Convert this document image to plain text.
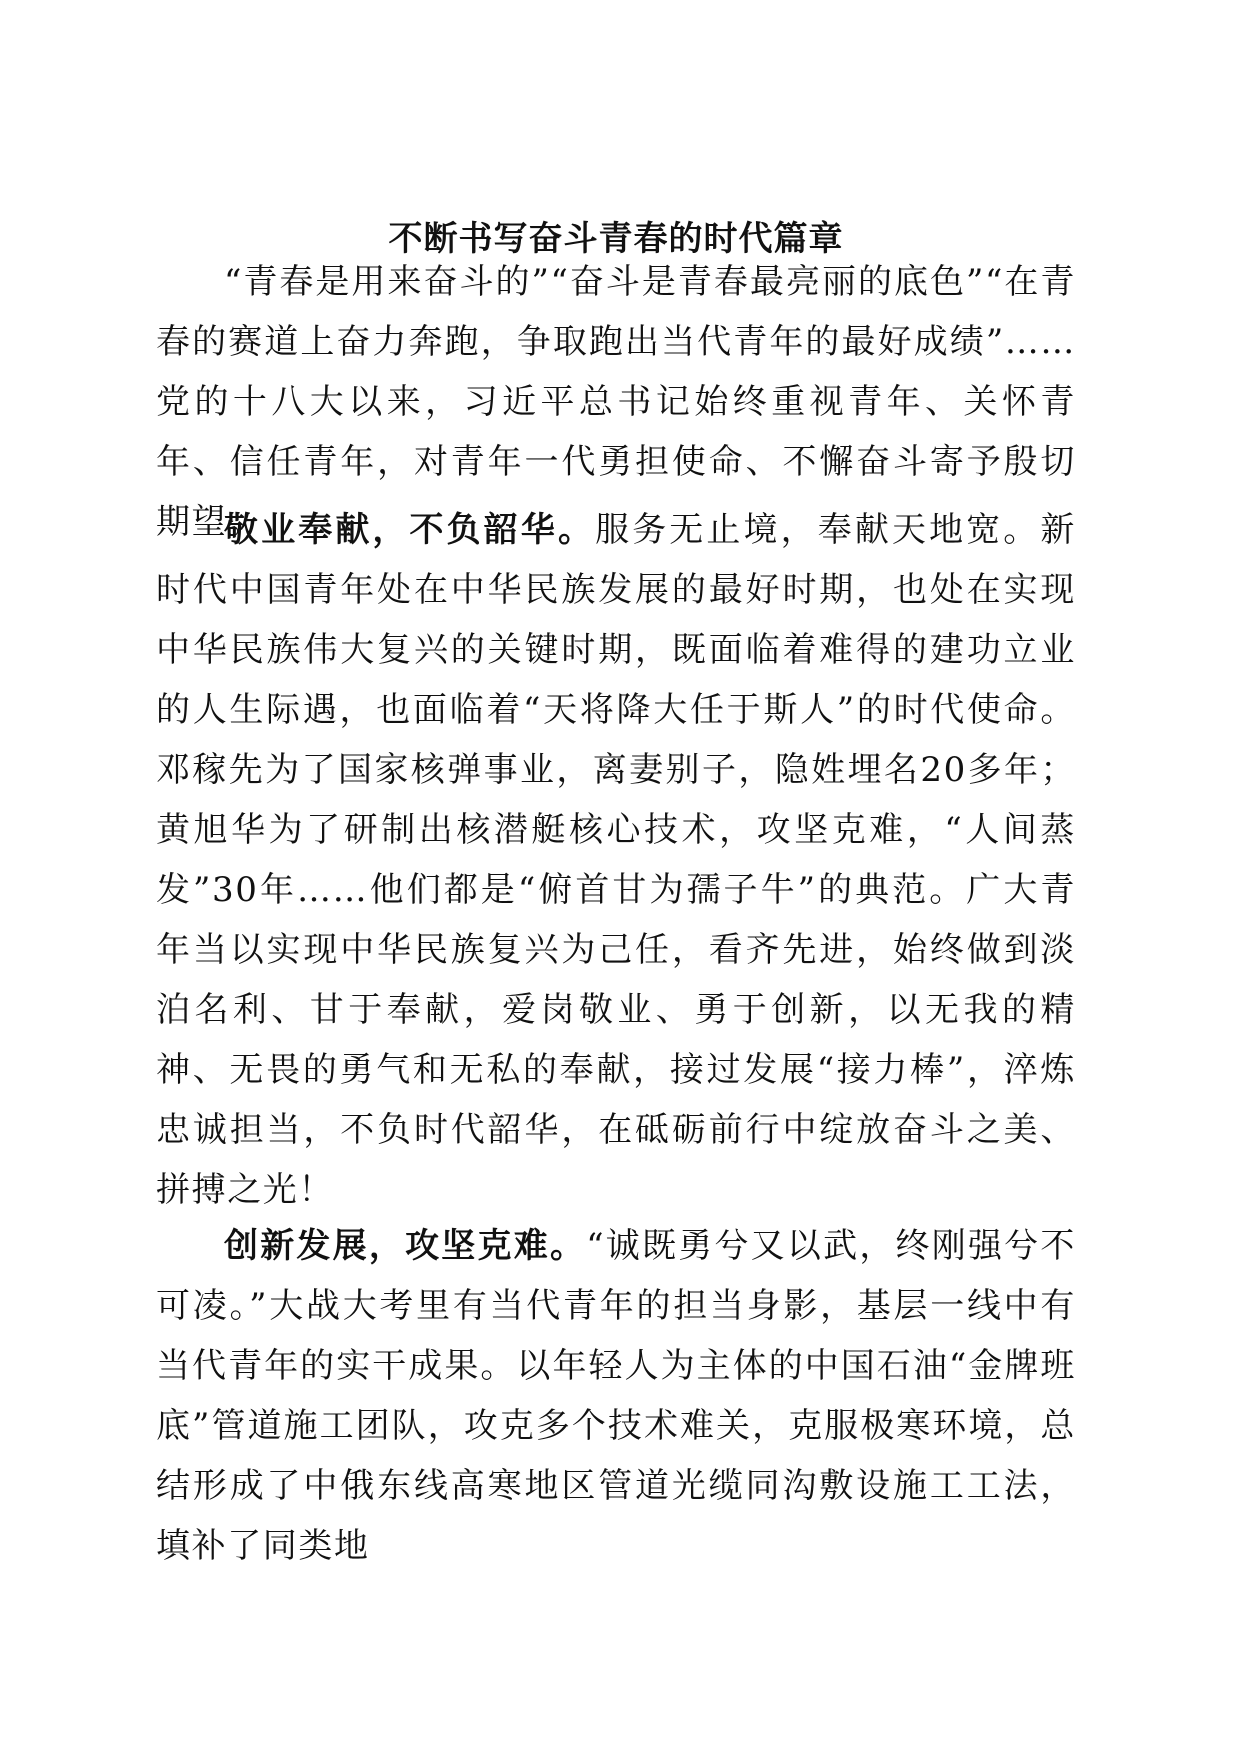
不断书写奋斗青春的时代篇章

“青春是用来奋斗的”“奋斗是青春最亮丽的底色”“在青春的赛道上奋力奔跑，争取跑出当代青年的最好成绩”……党的十八大以来，习近平总书记始终重视青年、关怀青年、信任青年，对青年一代勇担使命、不懈奋斗寄予殷切期望。

敬业奉献，不负韶华。服务无止境，奉献天地宽。新时代中国青年处在中华民族发展的最好时期，也处在实现中华民族伟大复兴的关键时期，既面临着难得的建功立业的人生际遇，也面临着“天将降大任于斯人”的时代使命。邓稼先为了国家核弹事业，离妻别子，隐姓埋名20多年；黄旭华为了研制出核潜艇核心技术，攻坚克难，“人间蒸发”30年……他们都是“俯首甘为孺子牛”的典范。广大青年当以实现中华民族复兴为己任，看齐先进，始终做到淡泊名利、甘于奉献，爱岗敬业、勇于创新，以无我的精神、无畏的勇气和无私的奉献，接过发展“接力棒”，淬炼忠诚担当，不负时代韶华，在砥砺前行中绽放奋斗之美、拼搏之光！

创新发展，攻坚克难。“诚既勇兮又以武，终刚强兮不可凌。”大战大考里有当代青年的担当身影，基层一线中有当代青年的实干成果。以年轻人为主体的中国石油“金牌班底”管道施工团队，攻克多个技术难关，克服极寒环境，总结形成了中俄东线高寒地区管道光缆同沟敷设施工工法，填补了同类地
